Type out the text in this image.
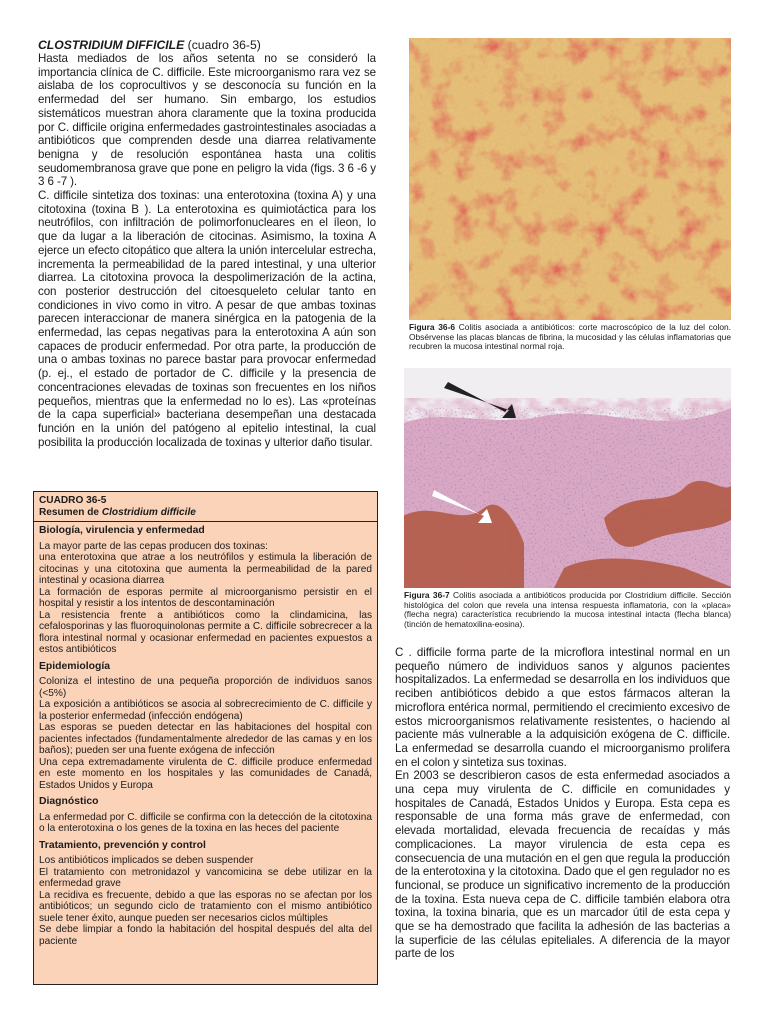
CLOSTRIDIUM DIFFICILE (cuadro 36-5)

Hasta mediados de los años setenta no se consideró la importancia clínica de C. difficile. Este microorganismo rara vez se aislaba de los coprocultivos y se desconocía su función en la enfermedad del ser humano. Sin embargo, los estudios sistemáticos muestran ahora claramente que la toxina producida por C. difficile origina enfermedades gastrointestinales asociadas a antibióticos que comprenden desde una diarrea relativamente benigna y de resolución espontánea hasta una colitis seudomembranosa grave que pone en peligro la vida (figs. 3 6 -6 y 3 6 -7 ).

C. difficile sintetiza dos toxinas: una enterotoxina (toxina A) y una citotoxina (toxina B ). La enterotoxina es quimiotáctica para los neutrófilos, con infiltración de polimorfonucleares en el íleon, lo que da lugar a la liberación de citocinas. Asimismo, la toxina A ejerce un efecto citopático que altera la unión intercelular estrecha, incrementa la permeabilidad de la pared intestinal, y una ulterior diarrea. La citotoxina provoca la despolimerización de la actina, con posterior destrucción del citoesqueleto celular tanto en condiciones in vivo como in vitro. A pesar de que ambas toxinas parecen interaccionar de manera sinérgica en la patogenia de la enfermedad, las cepas negativas para la enterotoxina A aún son capaces de producir enfermedad. Por otra parte, la producción de una o ambas toxinas no parece bastar para provocar enfermedad (p. ej., el estado de portador de C. difficile y la presencia de concentraciones elevadas de toxinas son frecuentes en los niños pequeños, mientras que la enfermedad no lo es). Las «proteínas de la capa superficial» bacteriana desempeñan una destacada función en la unión del patógeno al epitelio intestinal, la cual posibilita la producción localizada de toxinas y ulterior daño tisular.

CUADRO 36-5

Resumen de Clostridium difficile

Biología, virulencia y enfermedad

La mayor parte de las cepas producen dos toxinas:

una enterotoxina que atrae a los neutrófilos y estimula la liberación de citocinas y una citotoxina que aumenta la permeabilidad de la pared intestinal y ocasiona diarrea

La formación de esporas permite al microorganismo persistir en el hospital y resistir a los intentos de descontaminación

La resistencia frente a antibióticos como la clindamicina, las cefalosporinas y las fluoroquinolonas permite a C. difficile sobrecrecer a la flora intestinal normal y ocasionar enfermedad en pacientes expuestos a estos antibióticos

Epidemiología

Coloniza el intestino de una pequeña proporción de individuos sanos (<5%)

La exposición a antibióticos se asocia al sobrecrecimiento de C. difficile y la posterior enfermedad (infección endógena)

Las esporas se pueden detectar en las habitaciones del hospital con pacientes infectados (fundamentalmente alrededor de las camas y en los baños); pueden ser una fuente exógena de infección

Una cepa extremadamente virulenta de C. difficile produce enfermedad en este momento en los hospitales y las comunidades de Canadá, Estados Unidos y Europa

Diagnóstico

La enfermedad por C. difficile se confirma con la detección de la citotoxina o la enterotoxina o los genes de la toxina en las heces del paciente

Tratamiento, prevención y control

Los antibióticos implicados se deben suspender

El tratamiento con metronidazol y vancomicina se debe utilizar en la enfermedad grave

La recidiva es frecuente, debido a que las esporas no se afectan por los antibióticos; un segundo ciclo de tratamiento con el mismo antibiótico suele tener éxito, aunque pueden ser necesarios ciclos múltiples

Se debe limpiar a fondo la habitación del hospital después del alta del paciente

Figura 36-6 Colitis asociada a antibióticos: corte macroscópico de la luz del colon. Obsérvense las placas blancas de fibrina, la mucosidad y las células inflamatorias que recubren la mucosa intestinal normal roja.

Figura 36-7 Colitis asociada a antibióticos producida por Clostridium difficile. Sección histológica del colon que revela una intensa respuesta inflamatoria, con la «placa» (flecha negra) característica recubriendo la mucosa intestinal intacta (flecha blanca) (tinción de hematoxilina-eosina).

C . difficile forma parte de la microflora intestinal normal en un pequeño número de individuos sanos y algunos pacientes hospitalizados. La enfermedad se desarrolla en los individuos que reciben antibióticos debido a que estos fármacos alteran la microflora entérica normal, permitiendo el crecimiento excesivo de estos microorganismos relativamente resistentes, o haciendo al paciente más vulnerable a la adquisición exógena de C. difficile. La enfermedad se desarrolla cuando el microorganismo prolifera en el colon y sintetiza sus toxinas.

En 2003 se describieron casos de esta enfermedad asociados a una cepa muy virulenta de C. difficile en comunidades y hospitales de Canadá, Estados Unidos y Europa. Esta cepa es responsable de una forma más grave de enfermedad, con elevada mortalidad, elevada frecuencia de recaídas y más complicaciones. La mayor virulencia de esta cepa es consecuencia de una mutación en el gen que regula la producción de la enterotoxina y la citotoxina. Dado que el gen regulador no es funcional, se produce un significativo incremento de la producción de la toxina. Esta nueva cepa de C. difficile también elabora otra toxina, la toxina binaria, que es un marcador útil de esta cepa y que se ha demostrado que facilita la adhesión de las bacterias a la superficie de las células epiteliales. A diferencia de la mayor parte de los
